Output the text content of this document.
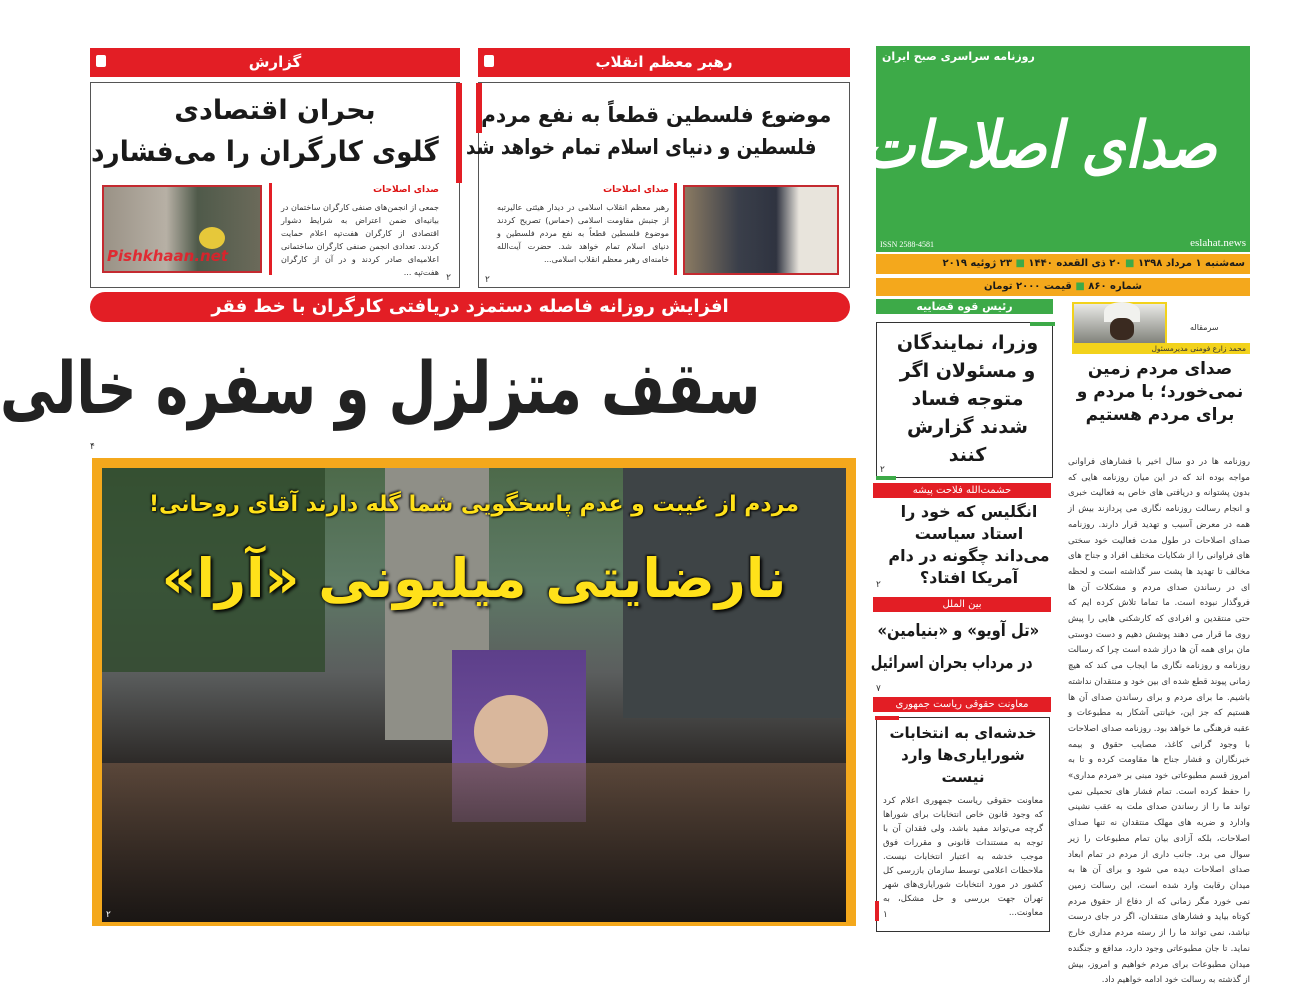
گزارش
بحران اقتصادی
گلوی کارگران را می‌فشارد
صدای اصلاحات
جمعی از انجمن‌های صنفی کارگران ساختمان در بیانیه‌ای ضمن اعتراض به شرایط دشوار اقتصادی از کارگران هفت‌تپه اعلام حمایت کردند. تعدادی انجمن صنفی کارگران ساختمانی اعلامیه‌ای صادر کردند و در آن از کارگران هفت‌تپه ...
Pishkhaan.net
۲
رهبر معظم انقلاب
موضوع فلسطین قطعاً به نفع مردم
فلسطین و دنیای اسلام تمام خواهد شد
صدای اصلاحات
رهبر معظم انقلاب اسلامی در دیدار هیئتی عالیرتبه از جنبش مقاومت اسلامی (حماس) تصریح کردند موضوع فلسطین قطعاً به نفع مردم فلسطین و دنیای اسلام تمام خواهد شد. حضرت آیت‌الله خامنه‌ای رهبر معظم انقلاب اسلامی...
۲
افزایش روزانه فاصله دستمزد دریافتی کارگران با خط فقر
سقف متزلزل و سفره خالی
۴
مردم از غیبت و عدم پاسخگویی شما گله دارند آقای روحانی!
نارضایتی میلیونی «آرا»
۲
روزنامه سراسری صبح ایران
صدای اصلاحات
ISSN 2588-4581	eslahat.news
سه‌شنبه ۱ مرداد ۱۳۹۸ ■ ۲۰ ذی القعده ۱۴۴۰ ■ ۲۳ ژوئیه ۲۰۱۹
شماره ۸۶۰ ■ قیمت ۲۰۰۰ تومان
رئیس قوه قضاییه
وزرا، نمایندگان و مسئولان اگر متوجه فساد شدند گزارش کنند
۲
سرمقاله
محمد زارع فومنی مدیرمسئول
صدای مردم زمین نمی‌خورد؛ با مردم و برای مردم هستیم
روزنامه ها در دو سال اخیر با فشارهای فراوانی مواجه بوده اند که در این میان روزنامه هایی که بدون پشتوانه و دریافتی های خاص به فعالیت خبری و انجام رسالت روزنامه نگاری می پردازند بیش از همه در معرض آسیب و تهدید قرار دارند. روزنامه صدای اصلاحات در طول مدت فعالیت خود سختی های فراوانی را از شکایات مختلف افراد و جناح های مخالف تا تهدید ها پشت سر گذاشته است و لحظه ای در رساندن صدای مردم و مشکلات آن ها فروگذار نبوده است. ما تماما تلاش کرده ایم که حتی منتقدین و افرادی که کارشکنی هایی را پیش روی ما قرار می دهند پوشش دهیم و دست دوستی مان برای همه آن ها دراز شده است چرا که رسالت روزنامه و روزنامه نگاری ما ایجاب می کند که هیچ زمانی پیوند قطع شده ای بین خود و منتقدان نداشته باشیم. ما برای مردم و برای رساندن صدای آن ها هستیم که جز این، خیانتی آشکار به مطبوعات و عقبه فرهنگی ما خواهد بود. روزنامه صدای اصلاحات با وجود گرانی کاغذ، مصایب حقوق و بیمه خبرنگاران و فشار جناح ها مقاومت کرده و تا به امروز قسم مطبوعاتی خود مبنی بر «مردم مداری» را حفظ کرده است. تمام فشار های تحمیلی نمی تواند ما را از رساندن صدای ملت به عقب نشینی وادارد و ضربه های مهلک منتقدان نه تنها صدای اصلاحات، بلکه آزادی بیان تمام مطبوعات را زیر سوال می برد. جانب داری از مردم در تمام ابعاد صدای اصلاحات دیده می شود و برای آن ها به میدان رقابت وارد شده است، این رسالت زمین نمی خورد مگر زمانی که از دفاع از حقوق مردم کوتاه بیاید و فشارهای منتقدان، اگر در جای درست نباشد، نمی تواند ما را از رسته مردم مداری خارج نماید. تا جان مطبوعاتی وجود دارد، مدافع و جنگنده میدان مطبوعات برای مردم خواهیم و امروز، بیش از گذشته به رسالت خود ادامه خواهیم داد.
حشمت‌الله فلاحت پیشه
انگلیس که خود را استاد سیاست می‌داند چگونه در دام آمریکا افتاد؟
۲
بین الملل
«تل آویو» و «بنیامین»
در مرداب بحران اسرائیل
۷
معاونت حقوقی ریاست جمهوری
خدشه‌ای به انتخابات شورایاری‌ها وارد نیست
معاونت حقوقی ریاست جمهوری اعلام کرد که وجود قانون خاص انتخابات برای شوراها گرچه می‌تواند مفید باشد، ولی فقدان آن با توجه به مستندات قانونی و مقررات فوق موجب خدشه به اعتبار انتخابات نیست. ملاحظات اعلامی توسط سازمان بازرسی کل کشور در مورد انتخابات شورایاری‌های شهر تهران جهت بررسی و حل مشکل، به معاونت...
۱
